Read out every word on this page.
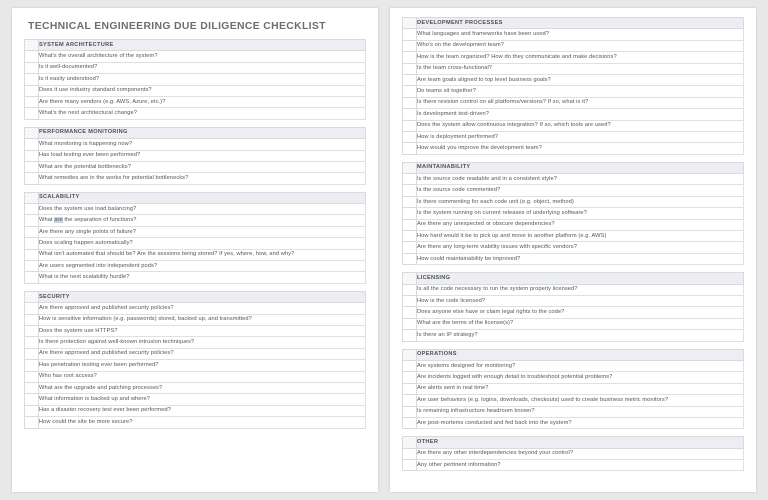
TECHNICAL ENGINEERING DUE DILIGENCE CHECKLIST

	SYSTEM ARCHITECTURE

	What's the overall architecture of the system?

	Is it well-documented?

	Is it easily understood?

	Does it use industry standard components?

	Are there many vendors (e.g. AWS, Azure, etc.)?

	What's the next architectural change?

	PERFORMANCE MONITORING

	What monitoring is happening now?

	Has load testing ever been performed?

	What are the potential bottlenecks?

	What remedies are in the works for potential bottlenecks?

	SCALABILITY

	Does the system use load balancing?

	What are the separation of functions?

	Are there any single points of failure?

	Does scaling happen automatically?

	What isn't automated that should be? Are the sessions being stored? If yes, where, how, and why?

	Are users segmented into independent pods?

	What is the next scalability hurdle?

	SECURITY

	Are there approved and published security policies?

	How is sensitive information (e.g. passwords) stored, backed up, and transmitted?

	Does the system use HTTPS?

	Is there protection against well-known intrusion techniques?

	Are there approved and published security policies?

	Has penetration testing ever been performed?

	Who has root access?

	What are the upgrade and patching processes?

	What information is backed up and where?

	Has a disaster recovery test ever been performed?

	How could the site be more secure?

	DEVELOPMENT PROCESSES

	What languages and frameworks have been used?

	Who's on the development team?

	How is the team organized? How do they communicate and make decisions?

	Is the team cross-functional?

	Are team goals aligned to top level business goals?

	Do teams sit together?

	Is there revision control on all platforms/versions? If so, what is it?

	Is development test-driven?

	Does the system allow continuous integration? If so, which tools are used?

	How is deployment performed?

	How would you improve the development team?

	MAINTAINABILITY

	Is the source code readable and in a consistent style?

	Is the source code commented?

	Is there commenting for each code unit (e.g. object, method)

	Is the system running on current releases of underlying software?

	Are there any unexpected or obscure dependencies?

	How hard would it be to pick up and move to another platform (e.g. AWS)

	Are there any long-term viability issues with specific vendors?

	How could maintainability be improved?

	LICENSING

	Is all the code necessary to run the system properly licensed?

	How is the code licensed?

	Does anyone else have or claim legal rights to the code?

	What are the terms of the license(s)?

	Is there an IP strategy?

	OPERATIONS

	Are systems designed for monitoring?

	Are incidents logged with enough detail to troubleshoot potential problems?

	Are alerts sent in real time?

	Are user behaviors (e.g. logins, downloads, checkouts) used to create business metric monitors?

	Is remaining infrastructure headroom known?

	Are post-mortems conducted and fed back into the system?

	OTHER

	Are there any other interdependencies beyond your control?

	Any other pertinent information?
